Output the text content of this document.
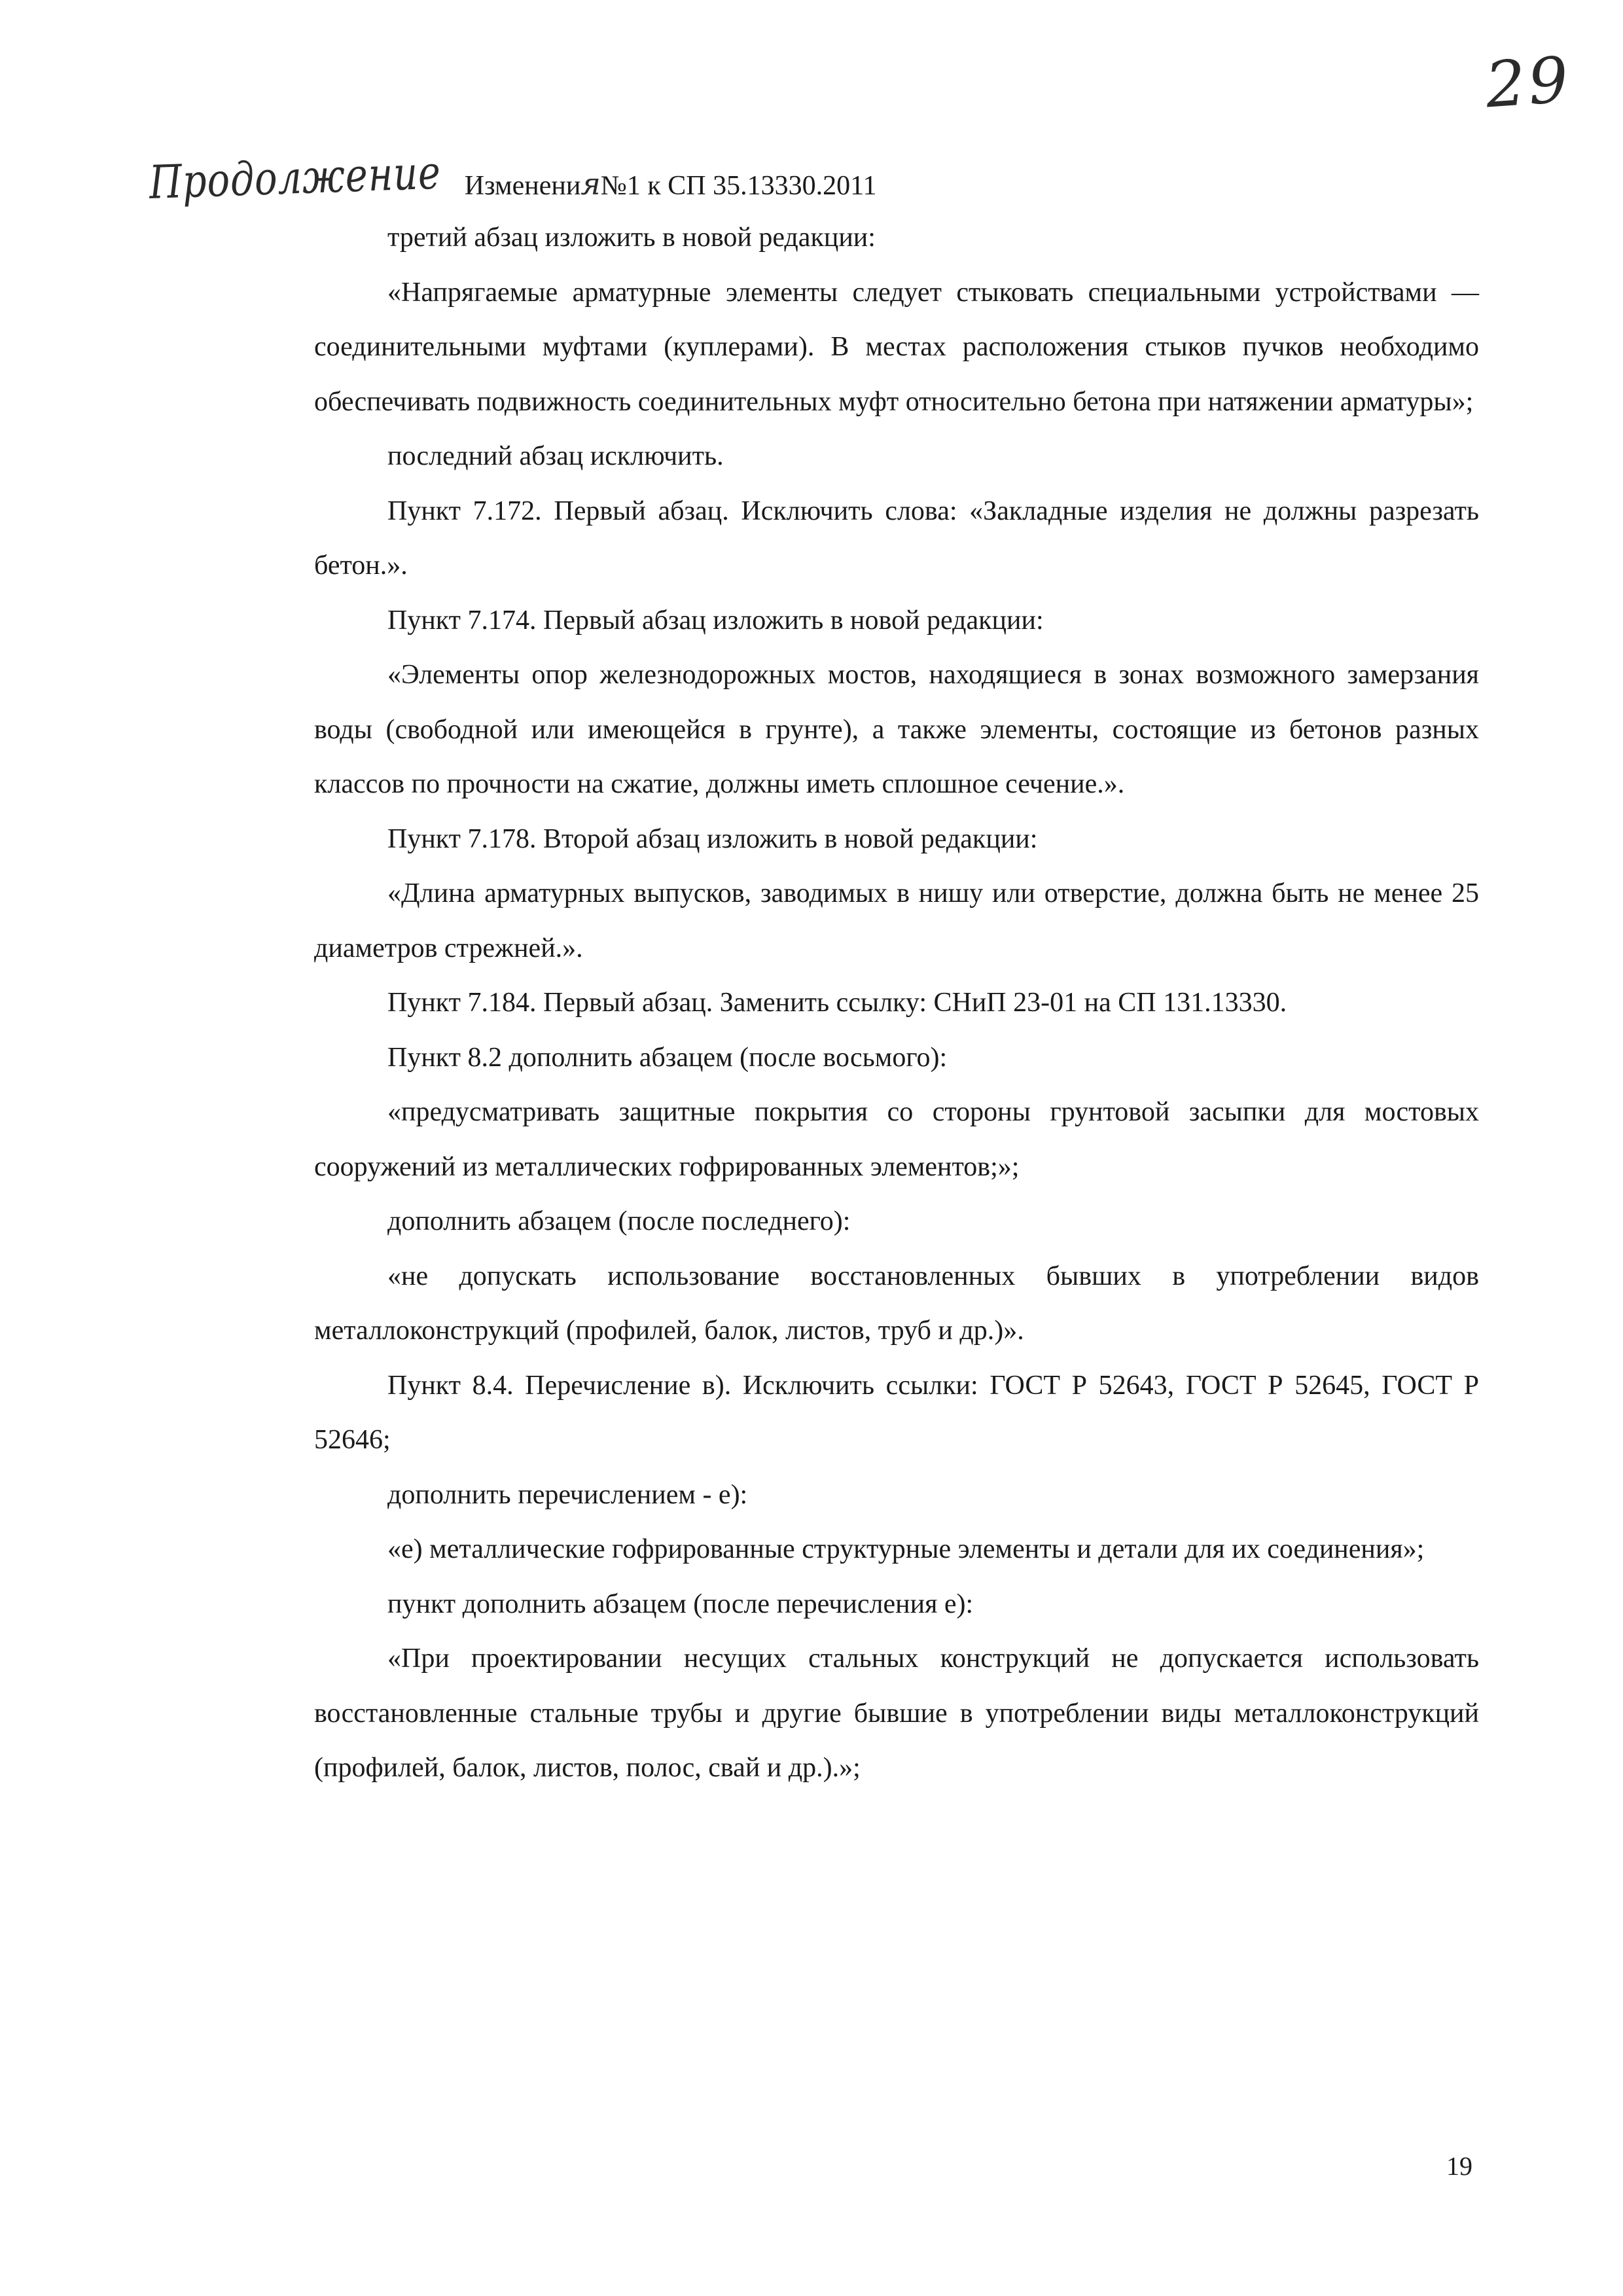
29
Продолжение Изменения№1 к СП 35.13330.2011

третий абзац изложить в новой редакции:

«Напрягаемые арматурные элементы следует стыковать специальными устройствами — соединительными муфтами (куплерами). В местах расположения стыков пучков необходимо обеспечивать подвижность соединительных муфт относительно бетона при натяжении арматуры»;

последний абзац исключить.

Пункт 7.172. Первый абзац. Исключить слова: «Закладные изделия не должны разрезать бетон.».

Пункт 7.174. Первый абзац изложить в новой редакции:

«Элементы опор железнодорожных мостов, находящиеся в зонах возможного замерзания воды (свободной или имеющейся в грунте), а также элементы, состоящие из бетонов разных классов по прочности на сжатие, должны иметь сплошное сечение.».

Пункт 7.178. Второй абзац изложить в новой редакции:

«Длина арматурных выпусков, заводимых в нишу или отверстие, должна быть не менее 25 диаметров стрежней.».

Пункт 7.184. Первый абзац. Заменить ссылку: СНиП 23-01 на СП 131.13330.

Пункт 8.2 дополнить абзацем (после восьмого):

«предусматривать защитные покрытия со стороны грунтовой засыпки для мостовых сооружений из металлических гофрированных элементов;»;

дополнить абзацем (после последнего):

«не допускать использование восстановленных бывших в употреблении видов металлоконструкций (профилей, балок, листов, труб и др.)».

Пункт 8.4. Перечисление в). Исключить ссылки: ГОСТ Р 52643, ГОСТ Р 52645, ГОСТ Р 52646;

дополнить перечислением - е):

«е) металлические гофрированные структурные элементы и детали для их соединения»;

пункт дополнить абзацем (после перечисления е):

«При проектировании несущих стальных конструкций не допускается использовать восстановленные стальные трубы и другие бывшие в употреблении виды металлоконструкций (профилей, балок, листов, полос, свай и др.).»;

19
